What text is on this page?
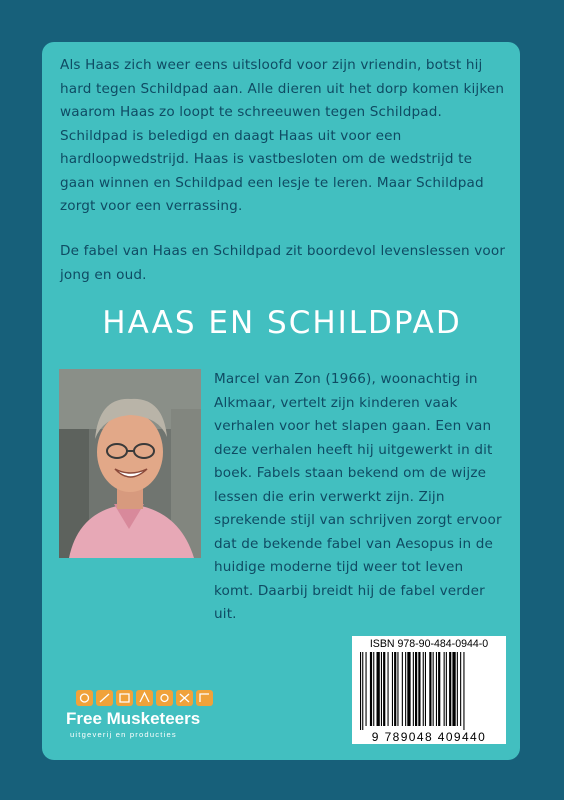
Als Haas zich weer eens uitsloofd voor zijn vriendin, botst hij hard tegen Schildpad aan. Alle dieren uit het dorp komen kijken waarom Haas zo loopt te schreeuwen tegen Schildpad. Schildpad is beledigd en daagt Haas uit voor een hardloopwedstrijd. Haas is vastbesloten om de wedstrijd te gaan winnen en Schildpad een lesje te leren. Maar Schildpad zorgt voor een verrassing.

De fabel van Haas en Schildpad zit boordevol levenslessen voor jong en oud.

HAAS EN SCHILDPAD

Marcel van Zon (1966), woonachtig in Alkmaar, vertelt zijn kinderen vaak verhalen voor het slapen gaan. Een van deze verhalen heeft hij uitgewerkt in dit boek. Fabels staan bekend om de wijze lessen die erin verwerkt zijn. Zijn sprekende stijl van schrijven zorgt ervoor dat de bekende fabel van Aesopus in de huidige moderne tijd weer tot leven komt. Daarbij breidt hij de fabel verder uit.

Free Musketeers
uitgeverij en producties
ISBN 978-90-484-0944-0
9 789048 409440
